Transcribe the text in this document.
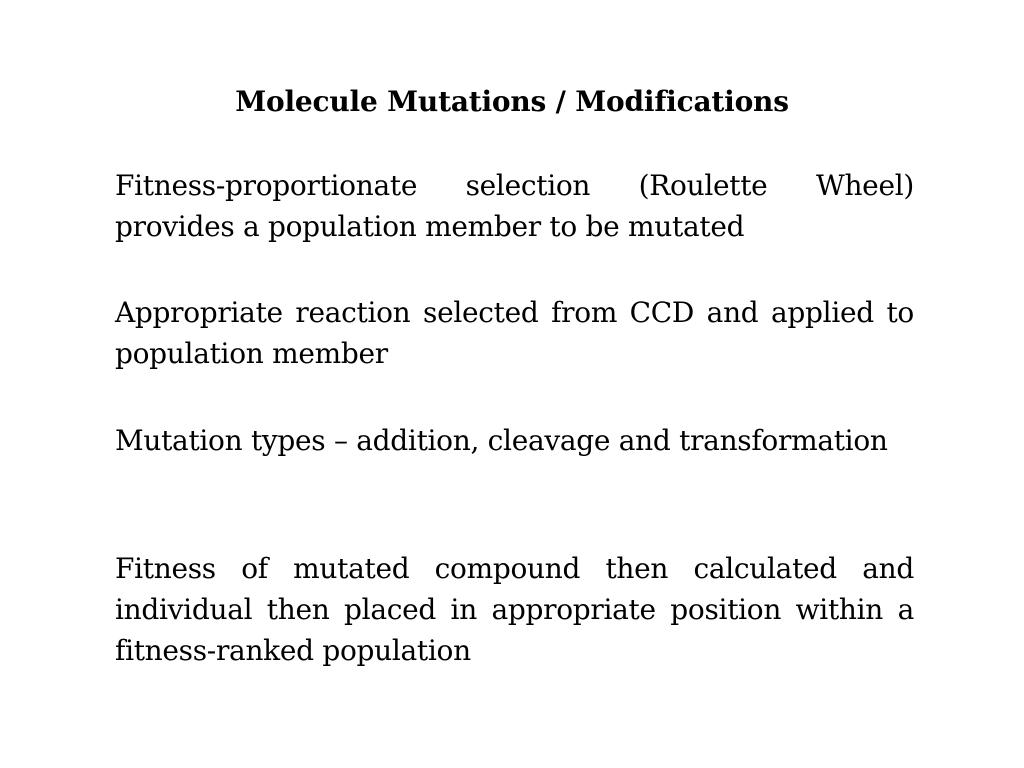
Molecule Mutations / Modifications

Fitness-proportionate selection (Roulette Wheel) provides a population member to be mutated

Appropriate reaction selected from CCD and applied to population member

Mutation types – addition, cleavage and transformation

Fitness of mutated compound then calculated and individual then placed in appropriate position within a fitness-ranked population
